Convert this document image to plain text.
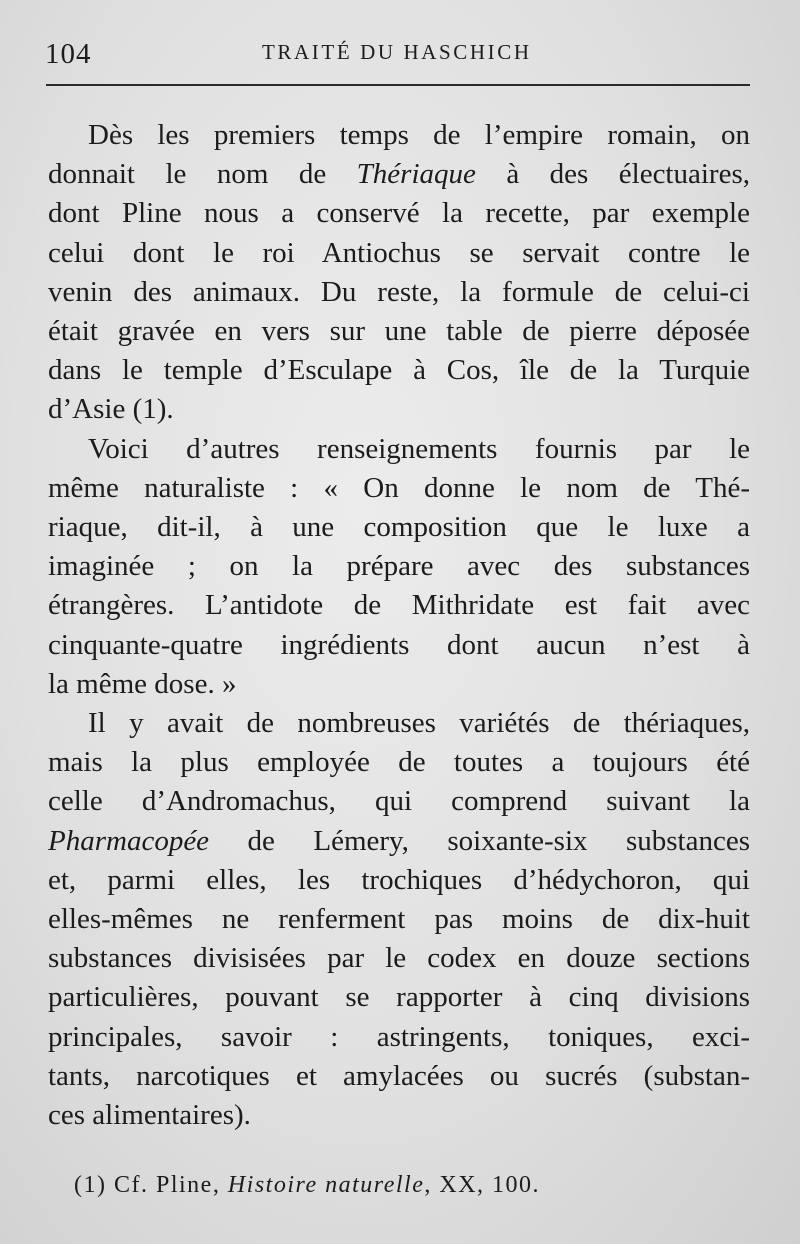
104	TRAITÉ DU HASCHICH
Dès les premiers temps de l’empire romain, on
donnait le nom de Thériaque à des électuaires,
dont Pline nous a conservé la recette, par exemple
celui dont le roi Antiochus se servait contre le
venin des animaux. Du reste, la formule de celui-ci
était gravée en vers sur une table de pierre déposée
dans le temple d’Esculape à Cos, île de la Turquie
d’Asie (1).
Voici d’autres renseignements fournis par le
même naturaliste : « On donne le nom de Thé-
riaque, dit-il, à une composition que le luxe a
imaginée ; on la prépare avec des substances
étrangères. L’antidote de Mithridate est fait avec
cinquante-quatre ingrédients dont aucun n’est à
la même dose. »
Il y avait de nombreuses variétés de thériaques,
mais la plus employée de toutes a toujours été
celle d’Andromachus, qui comprend suivant la
Pharmacopée de Lémery, soixante-six substances
et, parmi elles, les trochiques d’hédychoron, qui
elles-mêmes ne renferment pas moins de dix-huit
substances divisisées par le codex en douze sections
particulières, pouvant se rapporter à cinq divisions
principales, savoir : astringents, toniques, exci-
tants, narcotiques et amylacées ou sucrés (substan-
ces alimentaires).
(1) Cf. Pline, Histoire naturelle, XX, 100.
